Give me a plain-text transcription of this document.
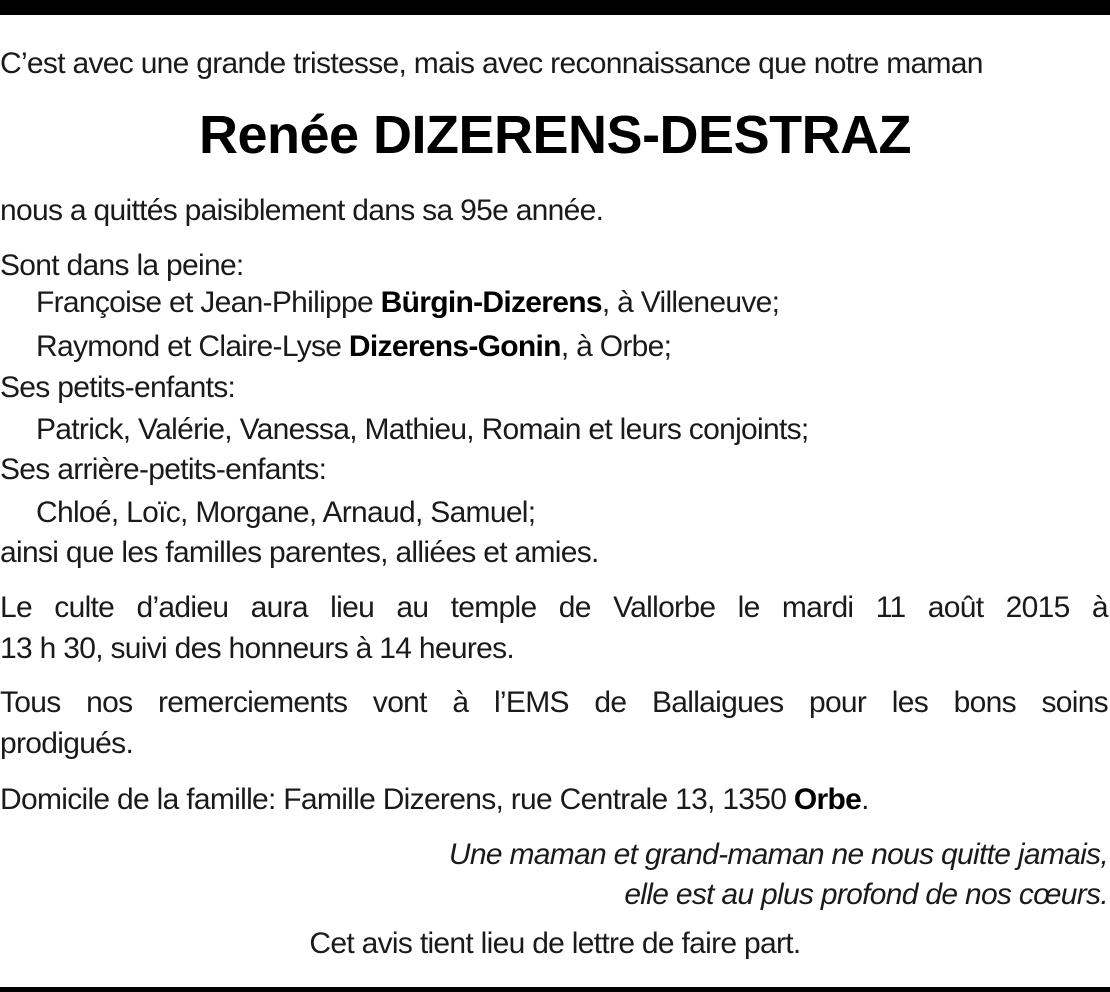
C’est avec une grande tristesse, mais avec reconnaissance que notre maman
Renée DIZERENS-DESTRAZ
nous a quittés paisiblement dans sa 95e année.
Sont dans la peine:
Françoise et Jean-Philippe Bürgin-Dizerens, à Villeneuve;
Raymond et Claire-Lyse Dizerens-Gonin, à Orbe;
Ses petits-enfants:
Patrick, Valérie, Vanessa, Mathieu, Romain et leurs conjoints;
Ses arrière-petits-enfants:
Chloé, Loïc, Morgane, Arnaud, Samuel;
ainsi que les familles parentes, alliées et amies.
Le culte d’adieu aura lieu au temple de Vallorbe le mardi 11 août 2015 à
13 h 30, suivi des honneurs à 14 heures.
Tous nos remerciements vont à l’EMS de Ballaigues pour les bons soins
prodigués.
Domicile de la famille: Famille Dizerens, rue Centrale 13, 1350 Orbe.
Une maman et grand-maman ne nous quitte jamais,
elle est au plus profond de nos cœurs.
Cet avis tient lieu de lettre de faire part.
